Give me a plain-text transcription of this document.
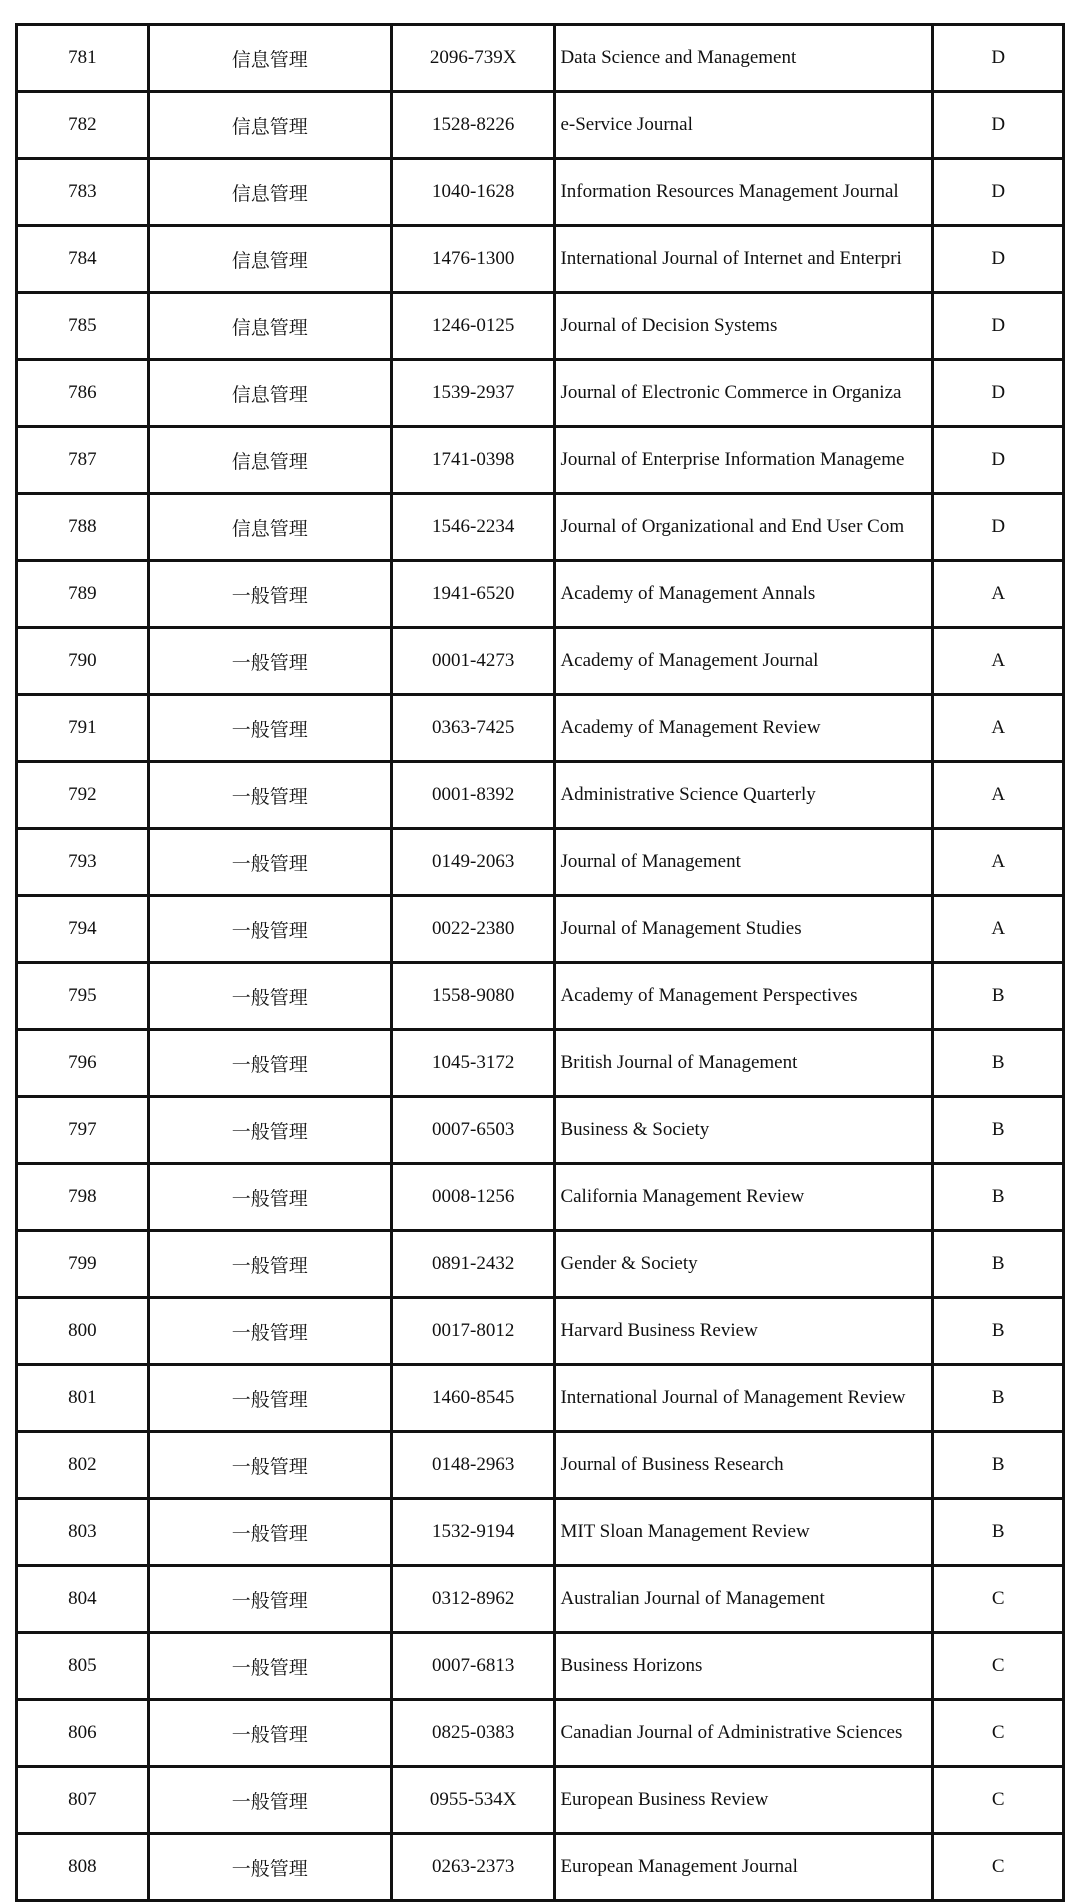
781	信息管理	2096-739X	Data Science and Management	D
782	信息管理	1528-8226	e-Service Journal	D
783	信息管理	1040-1628	Information Resources Management Journal	D
784	信息管理	1476-1300	International Journal of Internet and Enterpri	D
785	信息管理	1246-0125	Journal of Decision Systems	D
786	信息管理	1539-2937	Journal of Electronic Commerce in Organiza	D
787	信息管理	1741-0398	Journal of Enterprise Information Manageme	D
788	信息管理	1546-2234	Journal of Organizational and End User Com	D
789	一般管理	1941-6520	Academy of Management Annals	A
790	一般管理	0001-4273	Academy of Management Journal	A
791	一般管理	0363-7425	Academy of Management Review	A
792	一般管理	0001-8392	Administrative Science Quarterly	A
793	一般管理	0149-2063	Journal of Management	A
794	一般管理	0022-2380	Journal of Management Studies	A
795	一般管理	1558-9080	Academy of Management Perspectives	B
796	一般管理	1045-3172	British Journal of Management	B
797	一般管理	0007-6503	Business & Society	B
798	一般管理	0008-1256	California Management Review	B
799	一般管理	0891-2432	Gender & Society	B
800	一般管理	0017-8012	Harvard Business Review	B
801	一般管理	1460-8545	International Journal of Management Review	B
802	一般管理	0148-2963	Journal of Business Research	B
803	一般管理	1532-9194	MIT Sloan Management Review	B
804	一般管理	0312-8962	Australian Journal of Management	C
805	一般管理	0007-6813	Business Horizons	C
806	一般管理	0825-0383	Canadian Journal of Administrative Sciences	C
807	一般管理	0955-534X	European Business Review	C
808	一般管理	0263-2373	European Management Journal	C
